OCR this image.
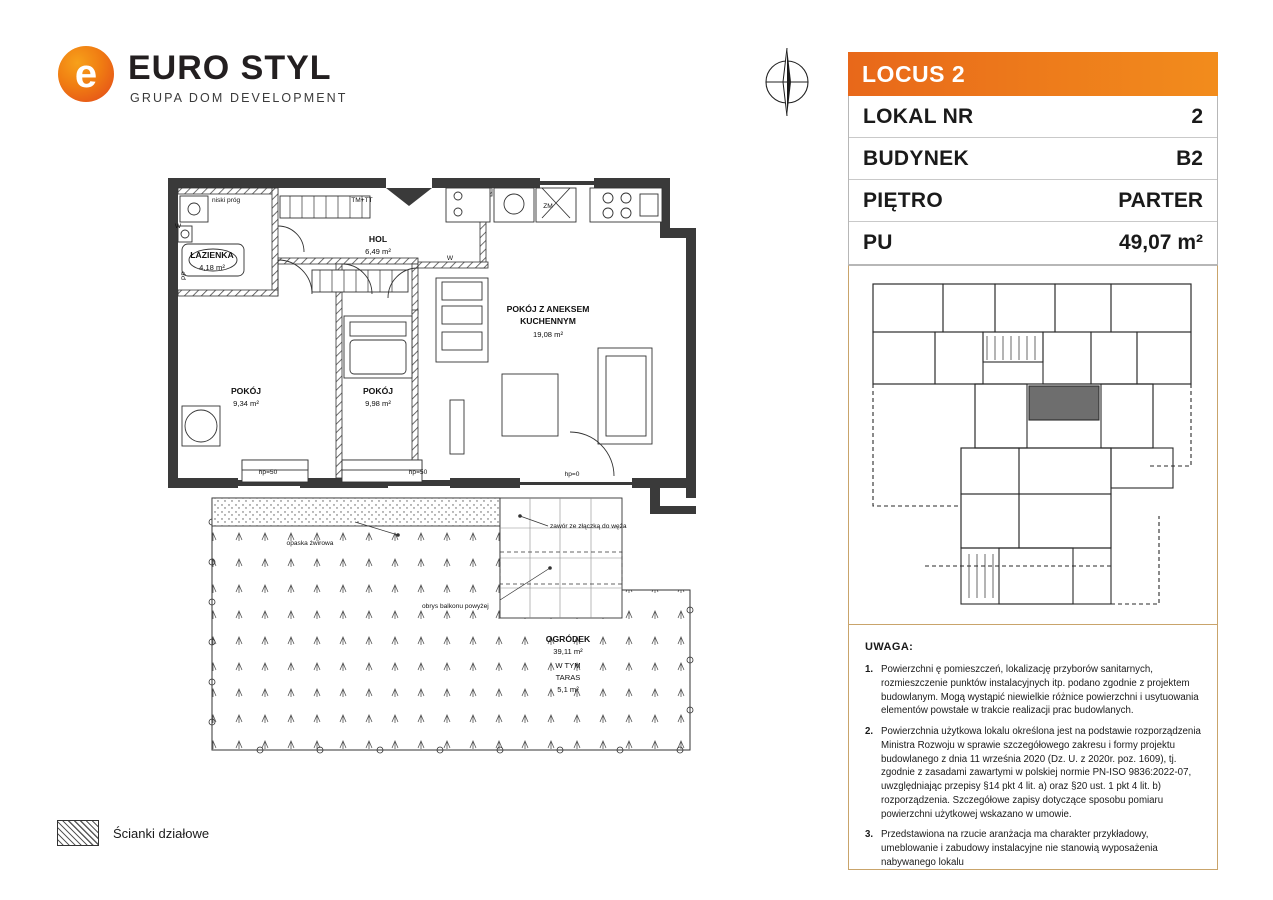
e EURO STYL
GRUPA DOM DEVELOPMENT
LOCUS 2
LOKAL NR	2
BUDYNEK	B2
PIĘTRO	PARTER
PU	49,07 m²
UWAGA:
1. Powierzchni ę pomieszczeń, lokalizację przyborów sanitarnych, rozmieszczenie punktów instalacyjnych itp. podano zgodnie z projektem budowlanym. Mogą wystąpić niewielkie różnice powierzchni i usytuowania elementów powstałe w trakcie realizacji prac budowlanych.
2. Powierzchnia użytkowa lokalu określona jest na podstawie rozporządzenia Ministra Rozwoju w sprawie szczegółowego zakresu i formy projektu budowlanego z dnia 11 września 2020 (Dz. U. z 2020r. poz. 1609), tj. zgodnie z zasadami zawartymi w polskiej normie PN-ISO 9836:2022-07, uwzględniając przepisy §14 pkt 4 lit. a) oraz §20 ust. 1 pkt 4 lit. b) rozporządzenia. Szczegółowe zapisy dotyczące sposobu pomiaru powierzchni użytkowej wskazano w umowie.
3. Przedstawiona na rzucie aranżacja ma charakter przykładowy, umeblowanie i zabudowy instalacyjne nie stanowią wyposażenia nabywanego lokalu
Ścianki działowe
ŁAZIENKA
4,18 m²
HOL
6,49 m²
POKÓJ Z ANEKSEM
KUCHENNYM
19,08 m²
POKÓJ
9,34 m²
POKÓJ
9,98 m²
niski próg	TM+TT
ZM
W
W
PP
hp=50	hp=50	hp=0
opaska żwirowa
zawór ze złączką do węża
obrys balkonu powyżej
OGRÓDEK
39,11 m²
W TYM
TARAS
5,1 m²
